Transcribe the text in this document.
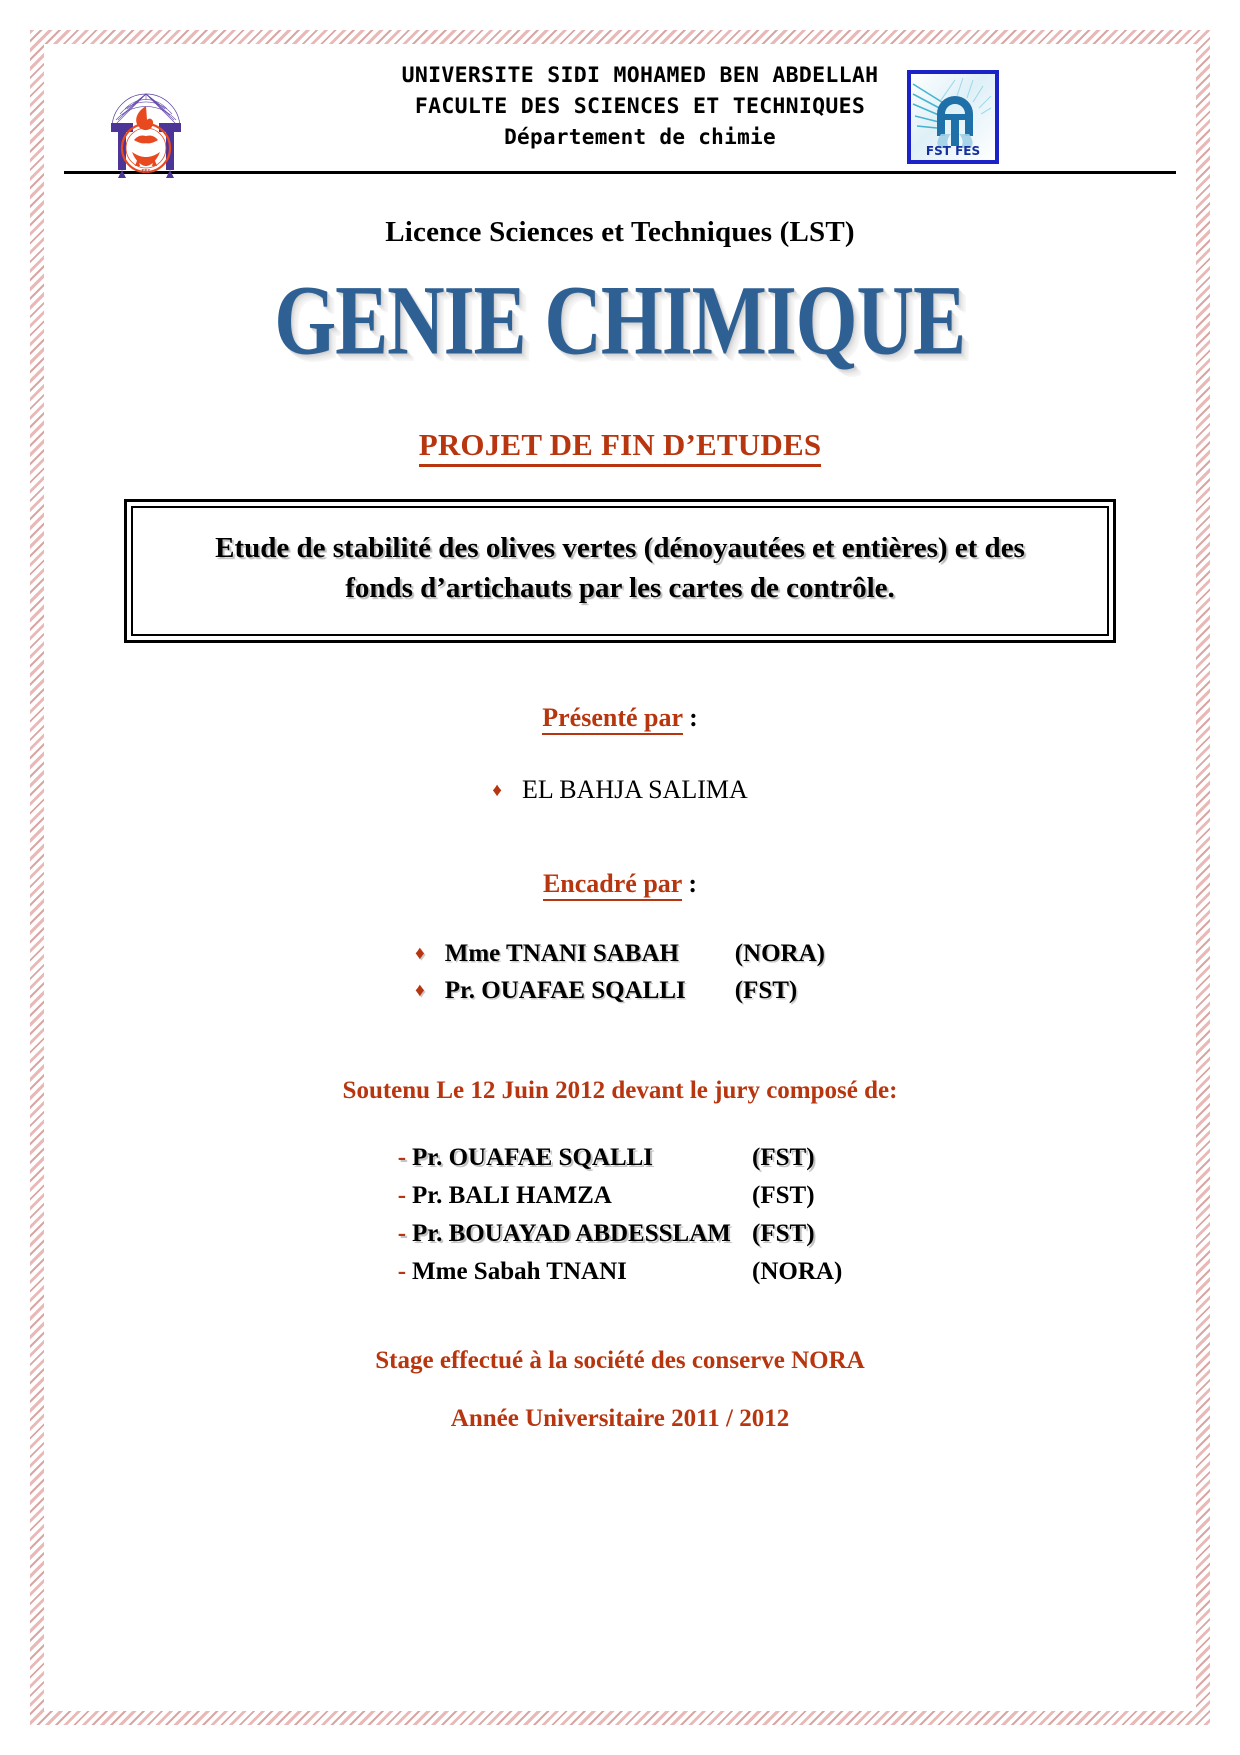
FES
UNIVERSITE SIDI MOHAMED BEN ABDELLAH
FACULTE DES SCIENCES ET TECHNIQUES
Département de chimie
FST FES
Licence Sciences et Techniques (LST)
GENIE CHIMIQUE
PROJET DE FIN D’ETUDES
Etude de stabilité des olives vertes (dénoyautées et entières) et des
fonds d’artichauts par les cartes de contrôle.
Présenté par :
♦ EL BAHJA SALIMA
Encadré par :
♦ Mme TNANI SABAH (NORA)
♦ Pr. OUAFAE SQALLI (FST)
Soutenu Le 12 Juin 2012 devant le jury composé de:
- Pr. OUAFAE SQALLI	(FST)
- Pr. BALI HAMZA	(FST)
- Pr. BOUAYAD ABDESSLAM (FST)
- Mme Sabah TNANI	(NORA)
Stage effectué à la société des conserve NORA
Année Universitaire 2011 / 2012
